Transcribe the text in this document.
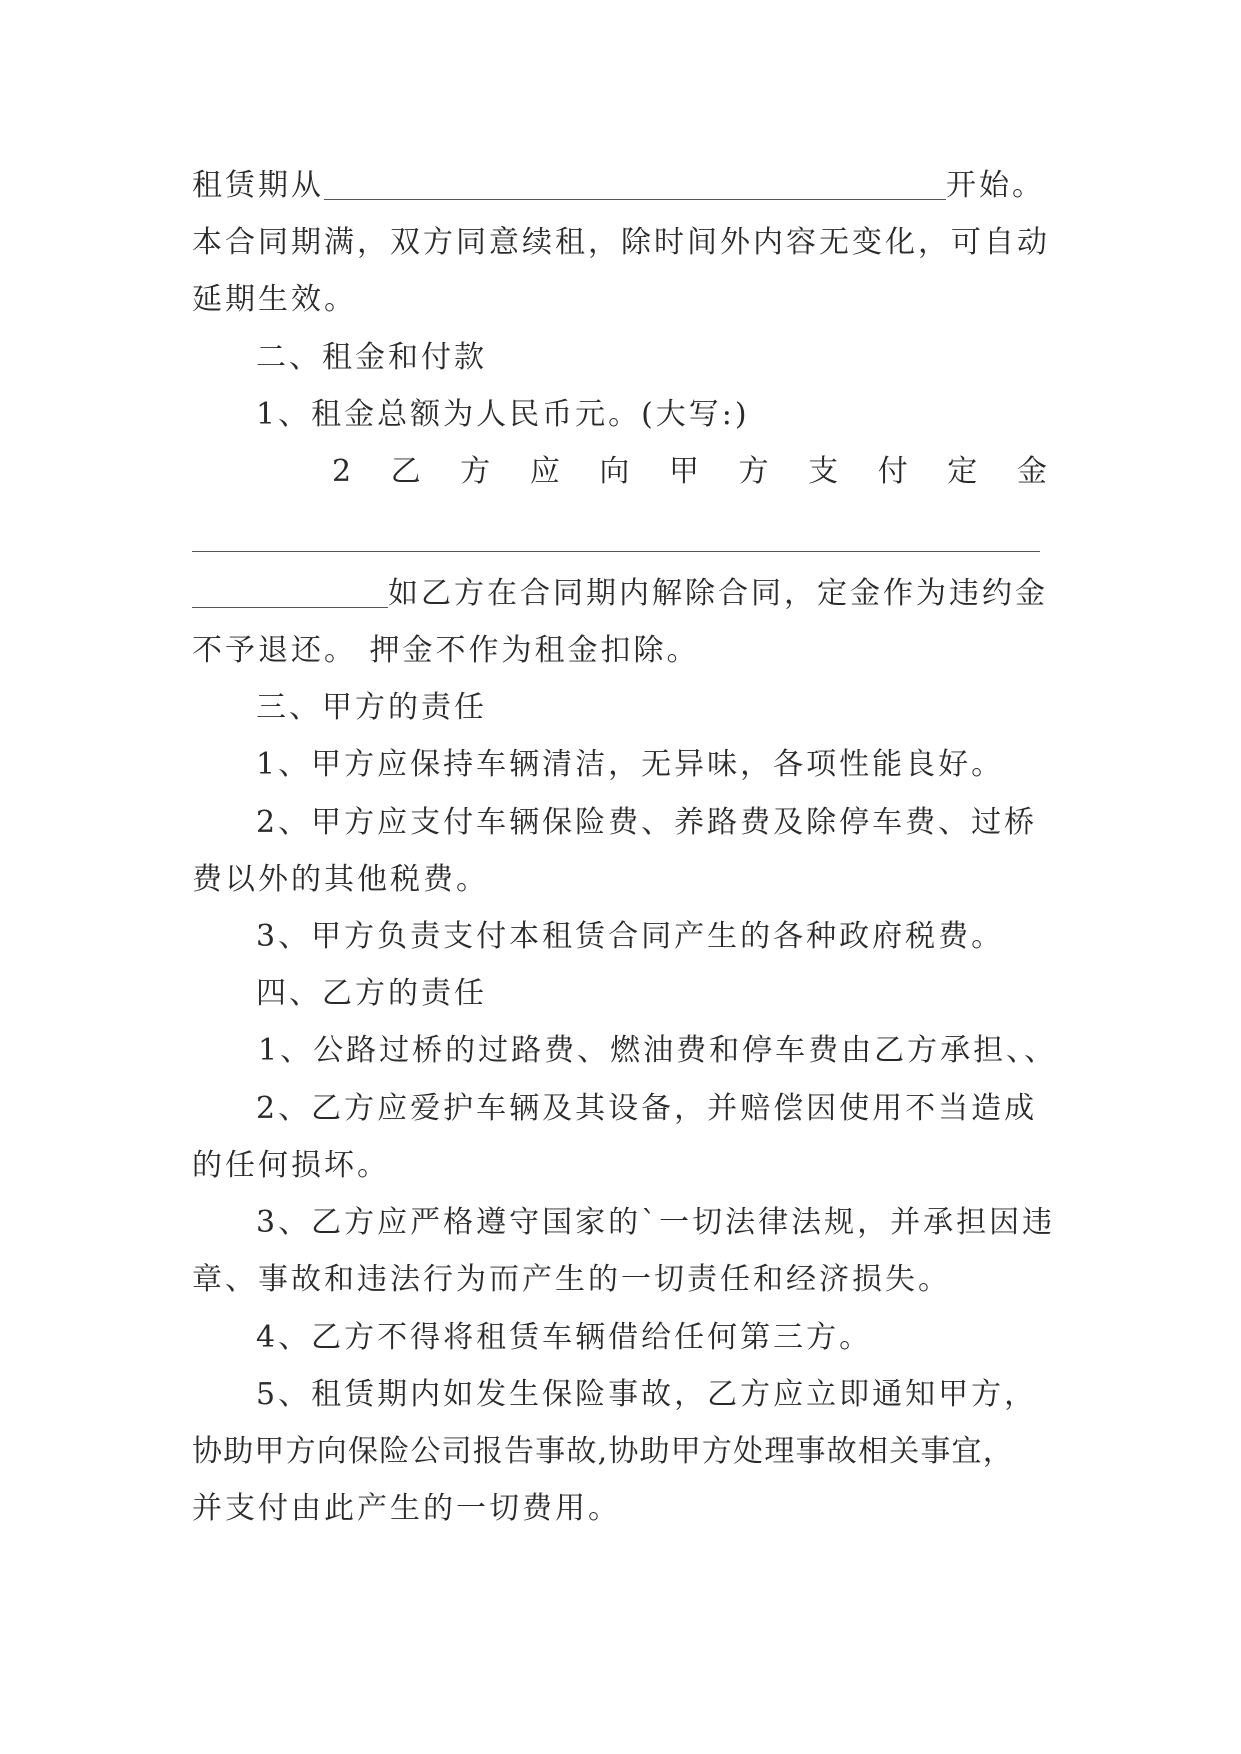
租赁期从	开始。
本合同期满，双方同意续租，除时间外内容无变化，可自动
延期生效。
二、租金和付款
1、租金总额为人民币元。(大写:)
2 乙 方 应 向 甲 方 支 付 定 金
如乙方在合同期内解除合同，定金作为违约金
不予退还。 押金不作为租金扣除。
三、甲方的责任
1、甲方应保持车辆清洁，无异味，各项性能良好。
2、甲方应支付车辆保险费、养路费及除停车费、过桥
费以外的其他税费。
3、甲方负责支付本租赁合同产生的各种政府税费。
四、乙方的责任
1、公路过桥的过路费、燃油费和停车费由乙方承担、、
2、乙方应爱护车辆及其设备，并赔偿因使用不当造成
的任何损坏。
3、乙方应严格遵守国家的`一切法律法规，并承担因违
章、事故和违法行为而产生的一切责任和经济损失。
4、乙方不得将租赁车辆借给任何第三方。
5、租赁期内如发生保险事故，乙方应立即通知甲方，
协助甲方向保险公司报告事故,协助甲方处理事故相关事宜，
并支付由此产生的一切费用。
